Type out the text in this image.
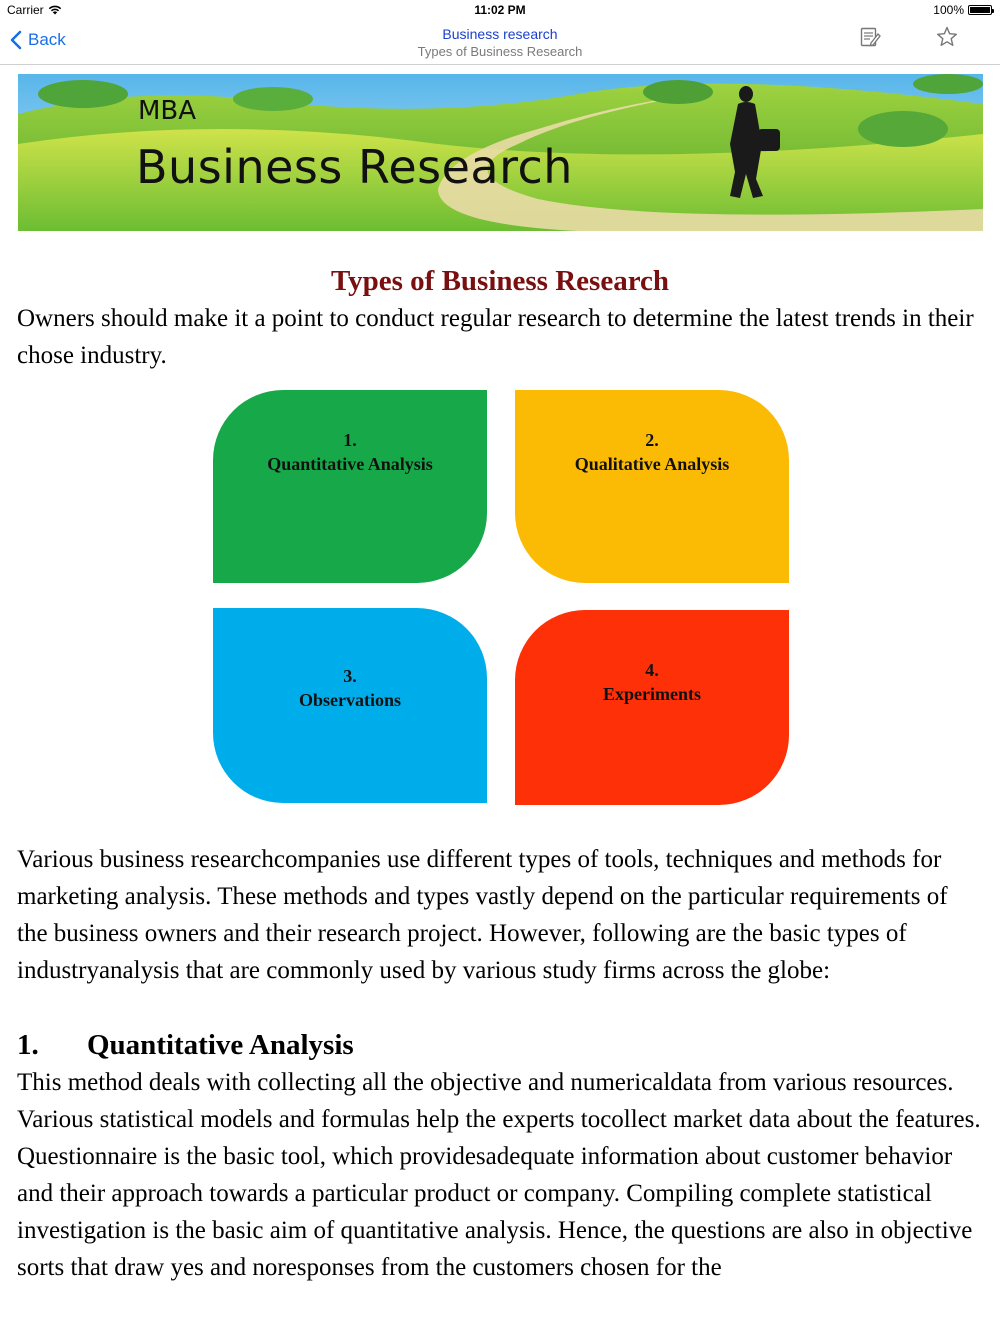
Carrier	11:02 PM	100%
Back	Business research
Types of Business Research
MBA
Business Research
Types of Business Research

Owners should make it a point to conduct regular research to determine the latest trends in their chose industry.

1.
Quantitative Analysis
2.
Qualitative Analysis
3.
Observations
4.
Experiments

Various business researchcompanies use different types of tools, techniques and methods for marketing analysis. These methods and types vastly depend on the particular requirements of the business owners and their research project. However, following are the basic types of industryanalysis that are commonly used by various study firms across the globe:

1.	Quantitative Analysis

This method deals with collecting all the objective and numericaldata from various resources. Various statistical models and formulas help the experts tocollect market data about the features. Questionnaire is the basic tool, which providesadequate information about customer behavior and their approach towards a particular product or company. Compiling complete statistical investigation is the basic aim of quantitative analysis. Hence, the questions are also in objective sorts that draw yes and noresponses from the customers chosen for the
